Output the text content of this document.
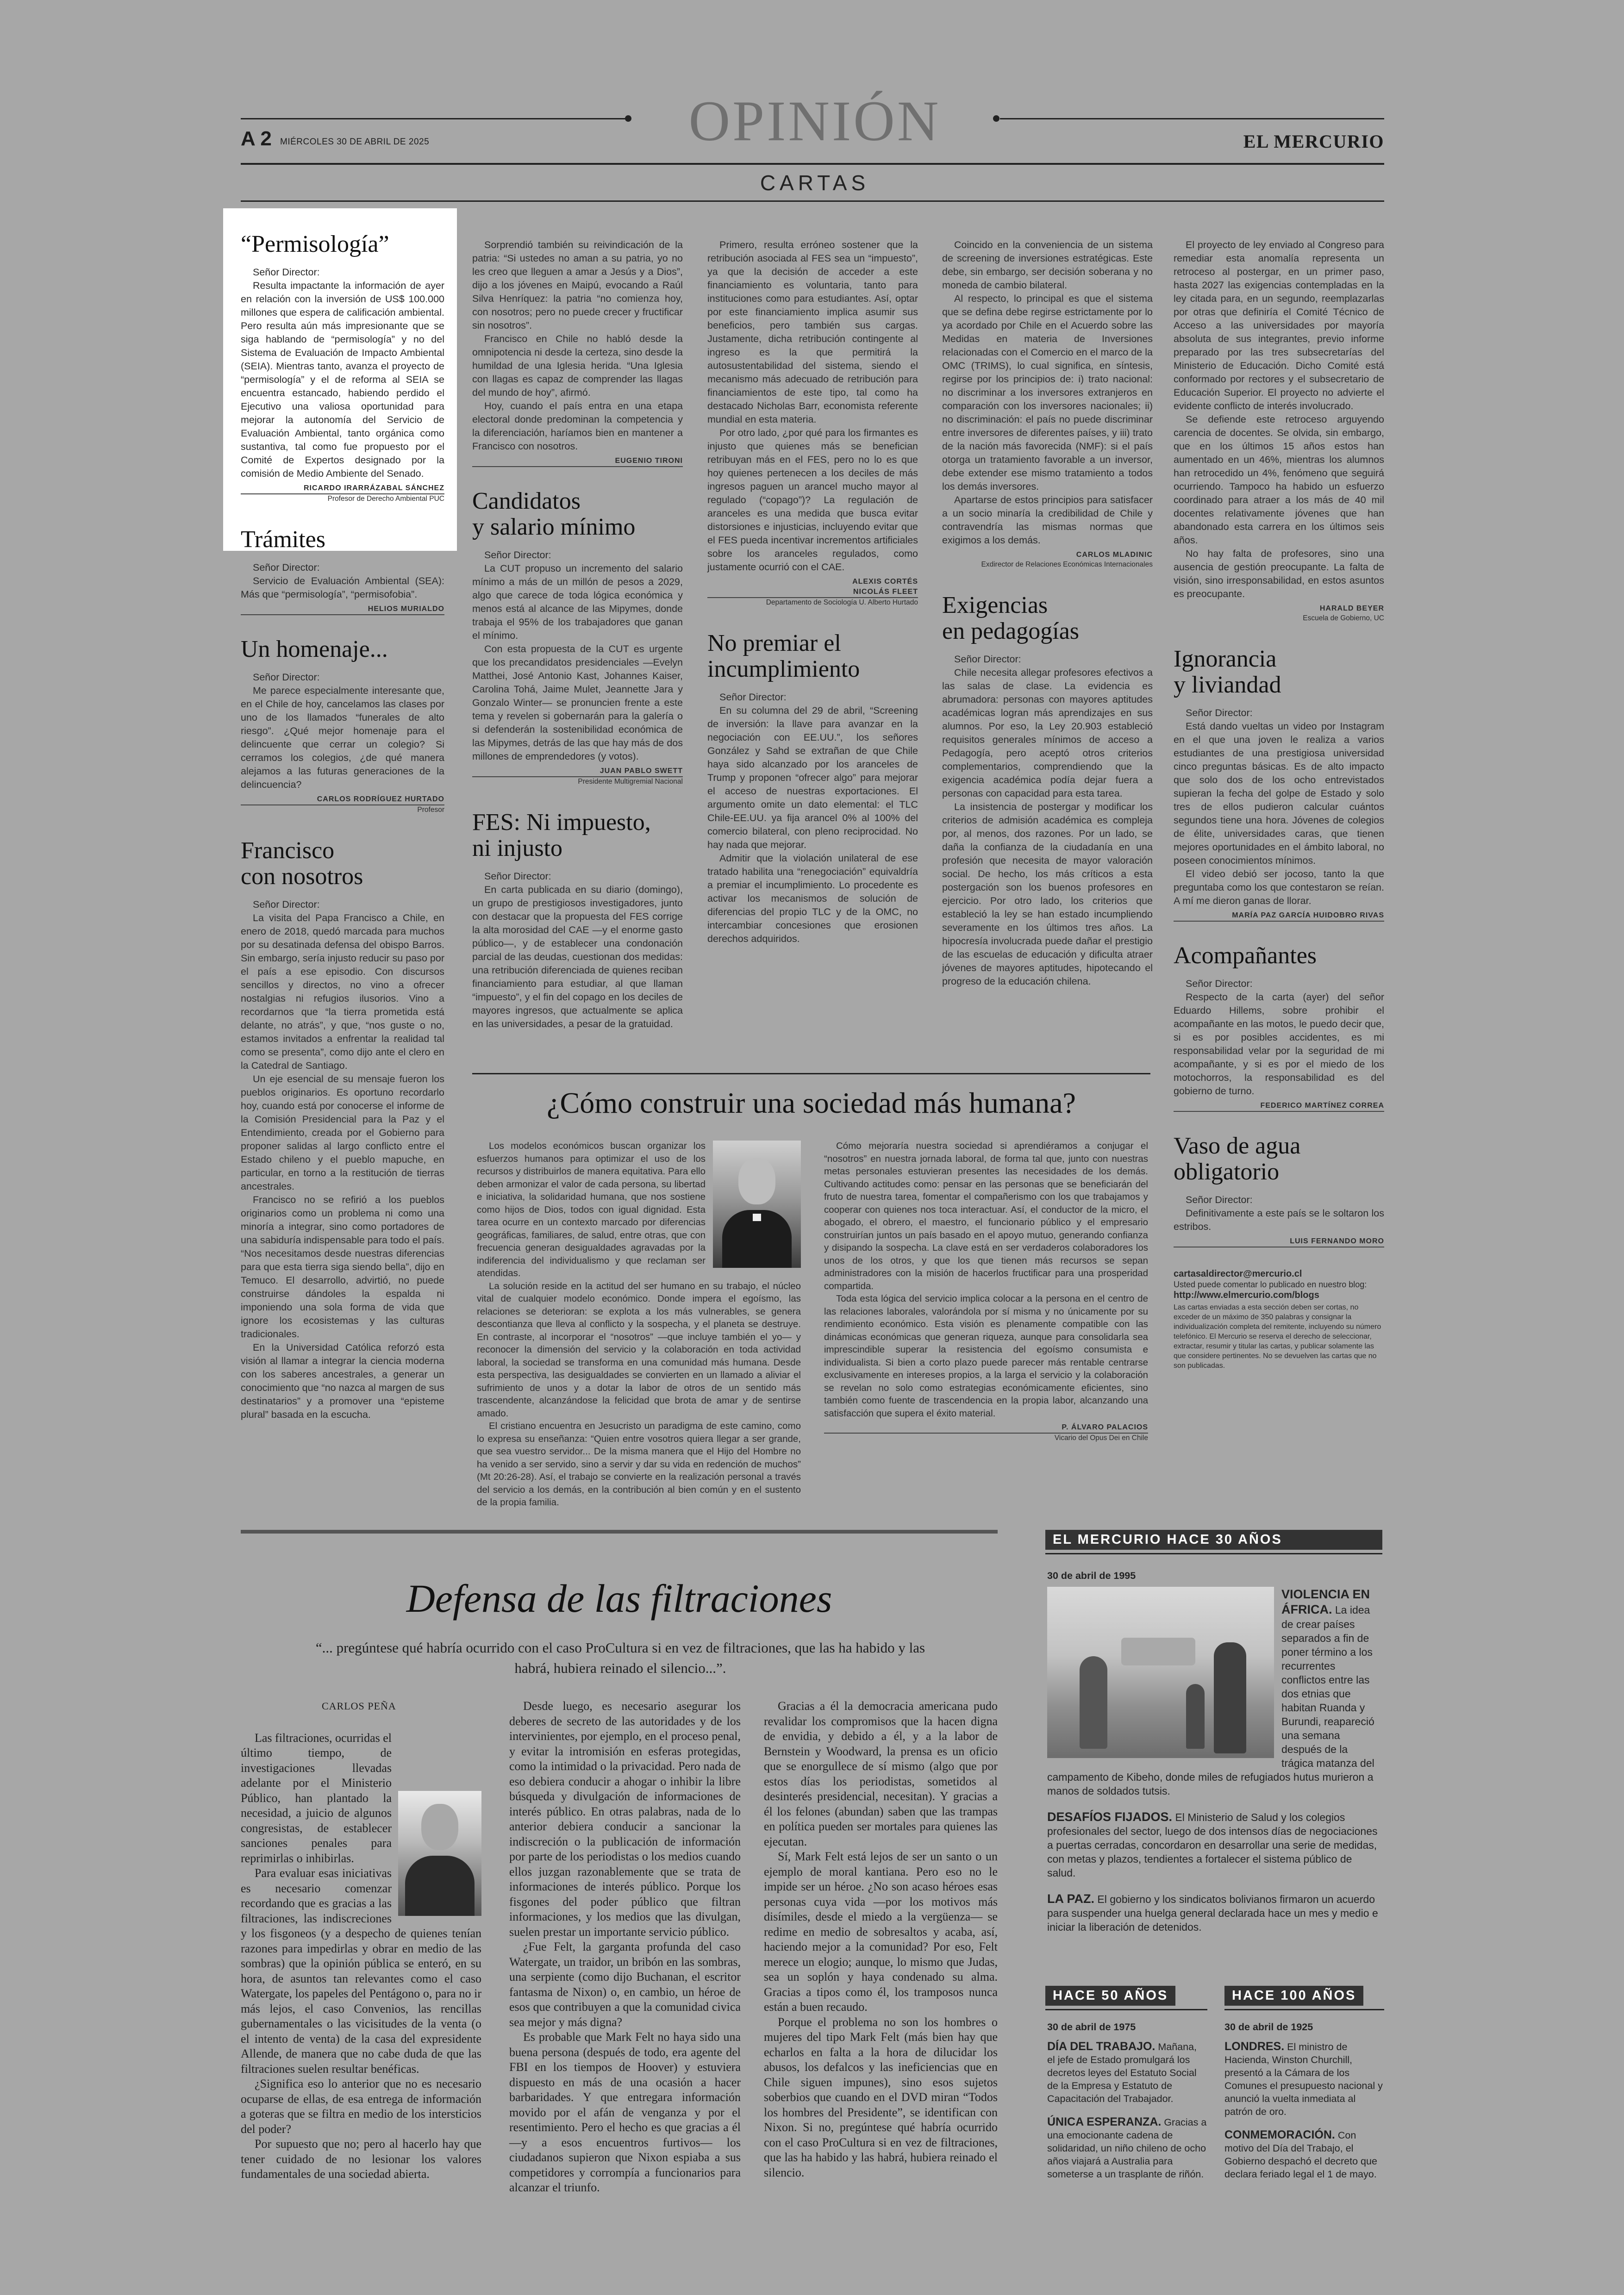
A 2 MIÉRCOLES 30 DE ABRIL DE 2025	OPINIÓN	EL MERCURIO
CARTAS
“Permisología”

Señor Director:

Resulta impactante la información de ayer en relación con la inversión de US$ 100.000 millones que espera de calificación ambiental. Pero resulta aún más impresionante que se siga hablando de “permisología” y no del Sistema de Evaluación de Impacto Ambiental (SEIA). Mientras tanto, avanza el proyecto de “permisología” y el de reforma al SEIA se encuentra estancado, habiendo perdido el Ejecutivo una valiosa oportunidad para mejorar la autonomía del Servicio de Evaluación Ambiental, tanto orgánica como sustantiva, tal como fue propuesto por el Comité de Expertos designado por la comisión de Medio Ambiente del Senado.

RICARDO IRARRÁZABAL SÁNCHEZ
Profesor de Derecho Ambiental PUC
Trámites

Señor Director:

Servicio de Evaluación Ambiental (SEA): Más que “permisología”, “permisofobia”.

HELIOS MURIALDO
Un homenaje...

Señor Director:

Me parece especialmente interesante que, en el Chile de hoy, cancelamos las clases por uno de los llamados “funerales de alto riesgo”. ¿Qué mejor homenaje para el delincuente que cerrar un colegio? Si cerramos los colegios, ¿de qué manera alejamos a las futuras generaciones de la delincuencia?

CARLOS RODRÍGUEZ HURTADO
Profesor
Francisco
con nosotros

Señor Director:

La visita del Papa Francisco a Chile, en enero de 2018, quedó marcada para muchos por su desatinada defensa del obispo Barros. Sin embargo, sería injusto reducir su paso por el país a ese episodio. Con discursos sencillos y directos, no vino a ofrecer nostalgias ni refugios ilusorios. Vino a recordarnos que “la tierra prometida está delante, no atrás”, y que, “nos guste o no, estamos invitados a enfrentar la realidad tal como se presenta”, como dijo ante el clero en la Catedral de Santiago.

Un eje esencial de su mensaje fueron los pueblos originarios. Es oportuno recordarlo hoy, cuando está por conocerse el informe de la Comisión Presidencial para la Paz y el Entendimiento, creada por el Gobierno para proponer salidas al largo conflicto entre el Estado chileno y el pueblo mapuche, en particular, en torno a la restitución de tierras ancestrales.

Francisco no se refirió a los pueblos originarios como un problema ni como una minoría a integrar, sino como portadores de una sabiduría indispensable para todo el país. “Nos necesitamos desde nuestras diferencias para que esta tierra siga siendo bella”, dijo en Temuco. El desarrollo, advirtió, no puede construirse dándoles la espalda ni imponiendo una sola forma de vida que ignore los ecosistemas y las culturas tradicionales.

En la Universidad Católica reforzó esta visión al llamar a integrar la ciencia moderna con los saberes ancestrales, a generar un conocimiento que “no nazca al margen de sus destinatarios” y a promover una “episteme plural” basada en la escucha.

Sorprendió también su reivindicación de la patria: “Si ustedes no aman a su patria, yo no les creo que lleguen a amar a Jesús y a Dios”, dijo a los jóvenes en Maipú, evocando a Raúl Silva Henríquez: la patria “no comienza hoy, con nosotros; pero no puede crecer y fructificar sin nosotros”.

Francisco en Chile no habló desde la omnipotencia ni desde la certeza, sino desde la humildad de una Iglesia herida. “Una Iglesia con llagas es capaz de comprender las llagas del mundo de hoy”, afirmó.

Hoy, cuando el país entra en una etapa electoral donde predominan la competencia y la diferenciación, haríamos bien en mantener a Francisco con nosotros.

EUGENIO TIRONI
Candidatos
y salario mínimo

Señor Director:

La CUT propuso un incremento del salario mínimo a más de un millón de pesos a 2029, algo que carece de toda lógica económica y menos está al alcance de las Mipymes, donde trabaja el 95% de los trabajadores que ganan el mínimo.

Con esta propuesta de la CUT es urgente que los precandidatos presidenciales —Evelyn Matthei, José Antonio Kast, Johannes Kaiser, Carolina Tohá, Jaime Mulet, Jeannette Jara y Gonzalo Winter— se pronuncien frente a este tema y revelen si gobernarán para la galería o si defenderán la sostenibilidad económica de las Mipymes, detrás de las que hay más de dos millones de emprendedores (y votos).

JUAN PABLO SWETT
Presidente Multigremial Nacional
FES: Ni impuesto,
ni injusto

Señor Director:

En carta publicada en su diario (domingo), un grupo de prestigiosos investigadores, junto con destacar que la propuesta del FES corrige la alta morosidad del CAE —y el enorme gasto público—, y de establecer una condonación parcial de las deudas, cuestionan dos medidas: una retribución diferenciada de quienes reciban financiamiento para estudiar, al que llaman “impuesto”, y el fin del copago en los deciles de mayores ingresos, que actualmente se aplica en las universidades, a pesar de la gratuidad.

Primero, resulta erróneo sostener que la retribución asociada al FES sea un “impuesto”, ya que la decisión de acceder a este financiamiento es voluntaria, tanto para instituciones como para estudiantes. Así, optar por este financiamiento implica asumir sus beneficios, pero también sus cargas. Justamente, dicha retribución contingente al ingreso es la que permitirá la autosustentabilidad del sistema, siendo el mecanismo más adecuado de retribución para financiamientos de este tipo, tal como ha destacado Nicholas Barr, economista referente mundial en esta materia.

Por otro lado, ¿por qué para los firmantes es injusto que quienes más se benefician retribuyan más en el FES, pero no lo es que hoy quienes pertenecen a los deciles de más ingresos paguen un arancel mucho mayor al regulado (“copago”)? La regulación de aranceles es una medida que busca evitar distorsiones e injusticias, incluyendo evitar que el FES pueda incentivar incrementos artificiales sobre los aranceles regulados, como justamente ocurrió con el CAE.

ALEXIS CORTÉS
NICOLÁS FLEET
Departamento de Sociología U. Alberto Hurtado
No premiar el
incumplimiento

Señor Director:

En su columna del 29 de abril, “Screening de inversión: la llave para avanzar en la negociación con EE.UU.”, los señores González y Sahd se extrañan de que Chile haya sido alcanzado por los aranceles de Trump y proponen “ofrecer algo” para mejorar el acceso de nuestras exportaciones. El argumento omite un dato elemental: el TLC Chile-EE.UU. ya fija arancel 0% al 100% del comercio bilateral, con pleno reciprocidad. No hay nada que mejorar.

Admitir que la violación unilateral de ese tratado habilita una “renegociación” equivaldría a premiar el incumplimiento. Lo procedente es activar los mecanismos de solución de diferencias del propio TLC y de la OMC, no intercambiar concesiones que erosionen derechos adquiridos.

Coincido en la conveniencia de un sistema de screening de inversiones estratégicas. Este debe, sin embargo, ser decisión soberana y no moneda de cambio bilateral.

Al respecto, lo principal es que el sistema que se defina debe regirse estrictamente por lo ya acordado por Chile en el Acuerdo sobre las Medidas en materia de Inversiones relacionadas con el Comercio en el marco de la OMC (TRIMS), lo cual significa, en síntesis, regirse por los principios de: i) trato nacional: no discriminar a los inversores extranjeros en comparación con los inversores nacionales; ii) no discriminación: el país no puede discriminar entre inversores de diferentes países, y iii) trato de la nación más favorecida (NMF): si el país otorga un tratamiento favorable a un inversor, debe extender ese mismo tratamiento a todos los demás inversores.

Apartarse de estos principios para satisfacer a un socio minaría la credibilidad de Chile y contravendría las mismas normas que exigimos a los demás.

CARLOS MLADINIC
Exdirector de Relaciones Económicas Internacionales
Exigencias
en pedagogías

Señor Director:

Chile necesita allegar profesores efectivos a las salas de clase. La evidencia es abrumadora: personas con mayores aptitudes académicas logran más aprendizajes en sus alumnos. Por eso, la Ley 20.903 estableció requisitos generales mínimos de acceso a Pedagogía, pero aceptó otros criterios complementarios, comprendiendo que la exigencia académica podía dejar fuera a personas con capacidad para esta tarea.

La insistencia de postergar y modificar los criterios de admisión académica es compleja por, al menos, dos razones. Por un lado, se daña la confianza de la ciudadanía en una profesión que necesita de mayor valoración social. De hecho, los más críticos a esta postergación son los buenos profesores en ejercicio. Por otro lado, los criterios que estableció la ley se han estado incumpliendo severamente en los últimos tres años. La hipocresía involucrada puede dañar el prestigio de las escuelas de educación y dificulta atraer jóvenes de mayores aptitudes, hipotecando el progreso de la educación chilena.

El proyecto de ley enviado al Congreso para remediar esta anomalía representa un retroceso al postergar, en un primer paso, hasta 2027 las exigencias contempladas en la ley citada para, en un segundo, reemplazarlas por otras que definiría el Comité Técnico de Acceso a las universidades por mayoría absoluta de sus integrantes, previo informe preparado por las tres subsecretarías del Ministerio de Educación. Dicho Comité está conformado por rectores y el subsecretario de Educación Superior. El proyecto no advierte el evidente conflicto de interés involucrado.

Se defiende este retroceso arguyendo carencia de docentes. Se olvida, sin embargo, que en los últimos 15 años estos han aumentado en un 46%, mientras los alumnos han retrocedido un 4%, fenómeno que seguirá ocurriendo. Tampoco ha habido un esfuerzo coordinado para atraer a los más de 40 mil docentes relativamente jóvenes que han abandonado esta carrera en los últimos seis años.

No hay falta de profesores, sino una ausencia de gestión preocupante. La falta de visión, sino irresponsabilidad, en estos asuntos es preocupante.

HARALD BEYER
Escuela de Gobierno, UC
Ignorancia
y liviandad

Señor Director:

Está dando vueltas un video por Instagram en el que una joven le realiza a varios estudiantes de una prestigiosa universidad cinco preguntas básicas. Es de alto impacto que solo dos de los ocho entrevistados supieran la fecha del golpe de Estado y solo tres de ellos pudieron calcular cuántos segundos tiene una hora. Jóvenes de colegios de élite, universidades caras, que tienen mejores oportunidades en el ámbito laboral, no poseen conocimientos mínimos.

El video debió ser jocoso, tanto la que preguntaba como los que contestaron se reían. A mí me dieron ganas de llorar.

MARÍA PAZ GARCÍA HUIDOBRO RIVAS
Acompañantes

Señor Director:

Respecto de la carta (ayer) del señor Eduardo Hillems, sobre prohibir el acompañante en las motos, le puedo decir que, si es por posibles accidentes, es mi responsabilidad velar por la seguridad de mi acompañante, y si es por el miedo de los motochorros, la responsabilidad es del gobierno de turno.

FEDERICO MARTÍNEZ CORREA
Vaso de agua
obligatorio

Señor Director:

Definitivamente a este país se le soltaron los estribos.

LUIS FERNANDO MORO
cartasaldirector@mercurio.cl
Usted puede comentar lo publicado en nuestro blog:
http://www.elmercurio.com/blogs
Las cartas enviadas a esta sección deben ser cortas, no exceder de un máximo de 350 palabras y consignar la individualización completa del remitente, incluyendo su número telefónico. El Mercurio se reserva el derecho de seleccionar, extractar, resumir y titular las cartas, y publicar solamente las que considere pertinentes. No se devuelven las cartas que no son publicadas.
¿Cómo construir una sociedad más humana?

Los modelos económicos buscan organizar los esfuerzos humanos para optimizar el uso de los recursos y distribuirlos de manera equitativa. Para ello deben armonizar el valor de cada persona, su libertad e iniciativa, la solidaridad humana, que nos sostiene como hijos de Dios, todos con igual dignidad. Esta tarea ocurre en un contexto marcado por diferencias geográficas, familiares, de salud, entre otras, que con frecuencia generan desigualdades agravadas por la indiferencia del individualismo y que reclaman ser atendidas.

La solución reside en la actitud del ser humano en su trabajo, el núcleo vital de cualquier modelo económico. Donde impera el egoísmo, las relaciones se deterioran: se explota a los más vulnerables, se genera descontianza que lleva al conflicto y la sospecha, y el planeta se destruye. En contraste, al incorporar el “nosotros” —que incluye también el yo— y reconocer la dimensión del servicio y la colaboración en toda actividad laboral, la sociedad se transforma en una comunidad más humana. Desde esta perspectiva, las desigualdades se convierten en un llamado a aliviar el sufrimiento de unos y a dotar la labor de otros de un sentido más trascendente, alcanzándose la felicidad que brota de amar y de sentirse amado.

El cristiano encuentra en Jesucristo un paradigma de este camino, como lo expresa su enseñanza: “Quien entre vosotros quiera llegar a ser grande, que sea vuestro servidor... De la misma manera que el Hijo del Hombre no ha venido a ser servido, sino a servir y dar su vida en redención de muchos” (Mt 20:26-28). Así, el trabajo se convierte en la realización personal a través del servicio a los demás, en la contribución al bien común y en el sustento de la propia familia.

Cómo mejoraría nuestra sociedad si aprendiéramos a conjugar el “nosotros” en nuestra jornada laboral, de forma tal que, junto con nuestras metas personales estuvieran presentes las necesidades de los demás. Cultivando actitudes como: pensar en las personas que se beneficiarán del fruto de nuestra tarea, fomentar el compañerismo con los que trabajamos y cooperar con quienes nos toca interactuar. Así, el conductor de la micro, el abogado, el obrero, el maestro, el funcionario público y el empresario construirían juntos un país basado en el apoyo mutuo, generando confianza y disipando la sospecha. La clave está en ser verdaderos colaboradores los unos de los otros, y que los que tienen más recursos se sepan administradores con la misión de hacerlos fructificar para una prosperidad compartida.

Toda esta lógica del servicio implica colocar a la persona en el centro de las relaciones laborales, valorándola por sí misma y no únicamente por su rendimiento económico. Esta visión es plenamente compatible con las dinámicas económicas que generan riqueza, aunque para consolidarla sea imprescindible superar la resistencia del egoísmo consumista e individualista. Si bien a corto plazo puede parecer más rentable centrarse exclusivamente en intereses propios, a la larga el servicio y la colaboración se revelan no solo como estrategias económicamente eficientes, sino también como fuente de trascendencia en la propia labor, alcanzando una satisfacción que supera el éxito material.

P. ÁLVARO PALACIOS
Vicario del Opus Dei en Chile
Defensa de las filtraciones
“... pregúntese qué habría ocurrido con el caso ProCultura si en vez de filtraciones, que las ha habido y las habrá, hubiera reinado el silencio...”.
CARLOS PEÑA

Las filtraciones, ocurridas el último tiempo, de investigaciones llevadas adelante por el Ministerio Público, han plantado la necesidad, a juicio de algunos congresistas, de establecer sanciones penales para reprimirlas o inhibirlas.

Para evaluar esas iniciativas es necesario comenzar recordando que es gracias a las filtraciones, las indiscreciones y los fisgoneos (y a despecho de quienes tenían razones para impedirlas y obrar en medio de las sombras) que la opinión pública se enteró, en su hora, de asuntos tan relevantes como el caso Watergate, los papeles del Pentágono o, para no ir más lejos, el caso Convenios, las rencillas gubernamentales o las vicisitudes de la venta (o el intento de venta) de la casa del expresidente Allende, de manera que no cabe duda de que las filtraciones suelen resultar benéficas.

¿Significa eso lo anterior que no es necesario ocuparse de ellas, de esa entrega de información a goteras que se filtra en medio de los intersticios del poder?

Por supuesto que no; pero al hacerlo hay que tener cuidado de no lesionar los valores fundamentales de una sociedad abierta.

Desde luego, es necesario asegurar los deberes de secreto de las autoridades y de los intervinientes, por ejemplo, en el proceso penal, y evitar la intromisión en esferas protegidas, como la intimidad o la privacidad. Pero nada de eso debiera conducir a ahogar o inhibir la libre búsqueda y divulgación de informaciones de interés público. En otras palabras, nada de lo anterior debiera conducir a sancionar la indiscreción o la publicación de información por parte de los periodistas o los medios cuando ellos juzgan razonablemente que se trata de informaciones de interés público. Porque los fisgones del poder público que filtran informaciones, y los medios que las divulgan, suelen prestar un importante servicio público.

¿Fue Felt, la garganta profunda del caso Watergate, un traidor, un bribón en las sombras, una serpiente (como dijo Buchanan, el escritor fantasma de Nixon) o, en cambio, un héroe de esos que contribuyen a que la comunidad civica sea mejor y más digna?

Es probable que Mark Felt no haya sido una buena persona (después de todo, era agente del FBI en los tiempos de Hoover) y estuviera dispuesto en más de una ocasión a hacer barbaridades. Y que entregara información movido por el afán de venganza y por el resentimiento. Pero el hecho es que gracias a él —y a esos encuentros furtivos— los ciudadanos supieron que Nixon espiaba a sus competidores y corrompía a funcionarios para alcanzar el triunfo.

Gracias a él la democracia americana pudo revalidar los compromisos que la hacen digna de envidia, y debido a él, y a la labor de Bernstein y Woodward, la prensa es un oficio que se enorgullece de sí mismo (algo que por estos días los periodistas, sometidos al desinterés presidencial, necesitan). Y gracias a él los felones (abundan) saben que las trampas en política pueden ser mortales para quienes las ejecutan.

Sí, Mark Felt está lejos de ser un santo o un ejemplo de moral kantiana. Pero eso no le impide ser un héroe. ¿No son acaso héroes esas personas cuya vida —por los motivos más disímiles, desde el miedo a la vergüenza— se redime en medio de sobresaltos y acaba, así, haciendo mejor a la comunidad? Por eso, Felt merece un elogio; aunque, lo mismo que Judas, sea un soplón y haya condenado su alma. Gracias a tipos como él, los tramposos nunca están a buen recaudo.

Porque el problema no son los hombres o mujeres del tipo Mark Felt (más bien hay que echarlos en falta a la hora de dilucidar los abusos, los defalcos y las ineficiencias que en Chile siguen impunes), sino esos sujetos soberbios que cuando en el DVD miran “Todos los hombres del Presidente”, se identifican con Nixon. Si no, pregúntese qué habría ocurrido con el caso ProCultura si en vez de filtraciones, que las ha habido y las habrá, hubiera reinado el silencio.

EL MERCURIO HACE 30 AÑOS
30 de abril de 1995
VIOLENCIA EN ÁFRICA. La idea de crear países separados a fin de poner término a los recurrentes conflictos entre las dos etnias que habitan Ruanda y Burundi, reapareció una semana después de la trágica matanza del campamento de Kibeho, donde miles de refugiados hutus murieron a manos de soldados tutsis.
DESAFÍOS FIJADOS. El Ministerio de Salud y los colegios profesionales del sector, luego de dos intensos días de negociaciones a puertas cerradas, concordaron en desarrollar una serie de medidas, con metas y plazos, tendientes a fortalecer el sistema público de salud.
LA PAZ. El gobierno y los sindicatos bolivianos firmaron un acuerdo para suspender una huelga general declarada hace un mes y medio e iniciar la liberación de detenidos.
HACE 50 AÑOS
30 de abril de 1975
DÍA DEL TRABAJO. Mañana, el jefe de Estado promulgará los decretos leyes del Estatuto Social de la Empresa y Estatuto de Capacitación del Trabajador.
ÚNICA ESPERANZA. Gracias a una emocionante cadena de solidaridad, un niño chileno de ocho años viajará a Australia para someterse a un trasplante de riñón.
HACE 100 AÑOS
30 de abril de 1925
LONDRES. El ministro de Hacienda, Winston Churchill, presentó a la Cámara de los Comunes el presupuesto nacional y anunció la vuelta inmediata al patrón de oro.
CONMEMORACIÓN. Con motivo del Día del Trabajo, el Gobierno despachó el decreto que declara feriado legal el 1 de mayo.
